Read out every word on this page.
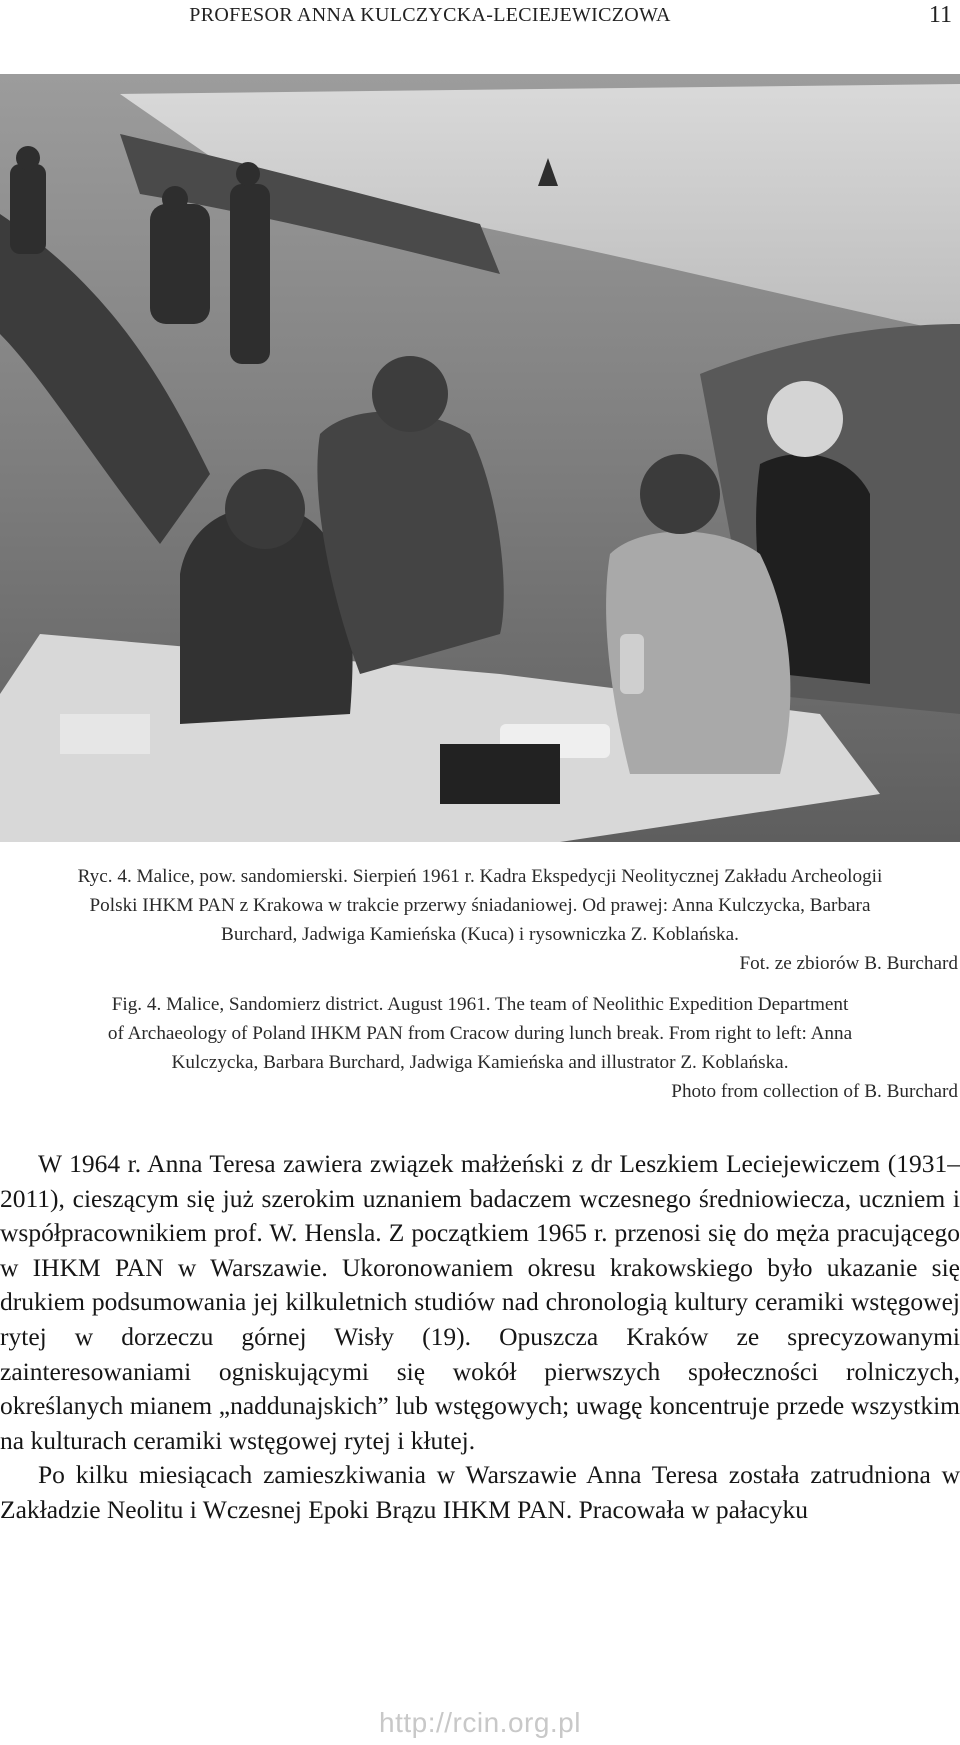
PROFESOR ANNA KULCZYCKA-LECIEJEWICZOWA	11

Ryc. 4. Malice, pow. sandomierski. Sierpień 1961 r. Kadra Ekspedycji Neolitycznej Zakładu Archeologii

Polski IHKM PAN z Krakowa w trakcie przerwy śniadaniowej. Od prawej: Anna Kulczycka, Barbara

Burchard, Jadwiga Kamieńska (Kuca) i rysowniczka Z. Koblańska.

Fot. ze zbiorów B. Burchard

Fig. 4. Malice, Sandomierz district. August 1961. The team of Neolithic Expedition Department

of Archaeology of Poland IHKM PAN from Cracow during lunch break. From right to left: Anna

Kulczycka, Barbara Burchard, Jadwiga Kamieńska and illustrator Z. Koblańska.

Photo from collection of B. Burchard

W 1964 r. Anna Teresa zawiera związek małżeński z dr Leszkiem Leciejewiczem (1931–2011), cieszącym się już szerokim uznaniem badaczem wczesnego średniowiecza, uczniem i współpracownikiem prof. W. Hensla. Z początkiem 1965 r. przenosi się do męża pracującego w IHKM PAN w Warszawie. Ukoronowaniem okresu krakowskiego było ukazanie się drukiem podsumowania jej kilkuletnich studiów nad chronologią kultury ceramiki wstęgowej rytej w dorzeczu górnej Wisły (19). Opuszcza Kraków ze sprecyzowanymi zainteresowaniami ogniskującymi się wokół pierwszych społeczności rolniczych, określanych mianem „naddunajskich” lub wstęgowych; uwagę koncentruje przede wszystkim na kulturach ceramiki wstęgowej rytej i kłutej.

Po kilku miesiącach zamieszkiwania w Warszawie Anna Teresa została zatrudniona w Zakładzie Neolitu i Wczesnej Epoki Brązu IHKM PAN. Pracowała w pałacyku

http://rcin.org.pl
